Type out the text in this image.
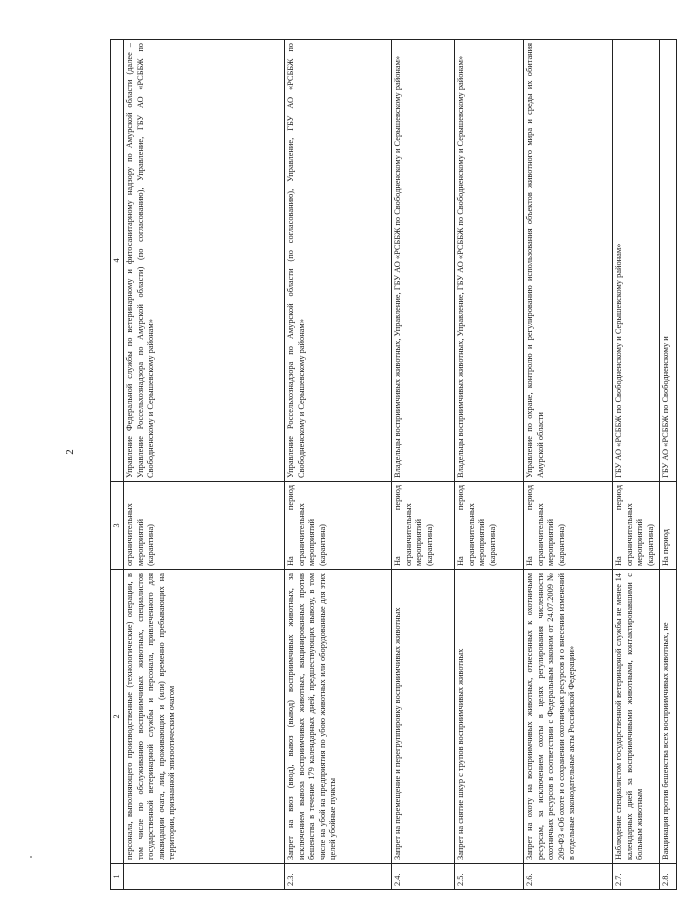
2
1
2
3
4
персонала, выполняющего производственные (технологические) операции, в том числе по обслуживанию восприимчивых животных, специалистов государственной ветеринарной службы и персонала, привлеченного для ликвидации очага, лиц, проживающих и (или) временно пребывающих на территории, признанной эпизоотическим очагом
ограничительных мероприятий (карантина)
Управление Федеральной службы по ветеринарному и фитосанитарному надзору по Амурской области (далее – Управление Россельхознадзора по Амурской области) (по согласованию), Управление, ГБУ АО «РСББЖ по Свободненскому и Серышевскому районам»
2.3.
Запрет на ввоз (ввод), вывоз (вывод) восприимчивых животных, за исключением вывоза восприимчивых животных, вакцинированных против бешенства в течение 179 календарных дней, предшествующих вывозу, в том числе на убой на предприятия по убою животных или оборудованные для этих целей убойные пункты
На период ограничительных мероприятий (карантина)
Управление Россельхознадзора по Амурской области (по согласованию), Управление, ГБУ АО «РСББЖ по Свободненскому и Серышевскому районам»
2.4.
Запрет на перемещение и перегруппировку восприимчивых животных
На период ограничительных мероприятий (карантина)
Владельцы восприимчивых животных, Управление, ГБУ АО «РСББЖ по Свободненскому и Серышевскому районам»
2.5.
Запрет на снятие шкур с трупов восприимчивых животных
На период ограничительных мероприятий (карантина)
Владельцы восприимчивых животных, Управление, ГБУ АО «РСББЖ по Свободненскому и Серышевскому районам»
2.6.
Запрет на охоту на восприимчивых животных, отнесенных к охотничьим ресурсам, за исключением охоты в целях регулирования численности охотничьих ресурсов в соответствии с Федеральным законом от 24.07.2009 № 209-ФЗ «Об охоте и о сохранении охотничьих ресурсов и о внесении изменений в отдельные законодательные акты Российской Федерации»
На период ограничительных мероприятий (карантина)
Управление по охране, контролю и регулированию использования объектов животного мира и среды их обитания Амурской области
2.7.
Наблюдение специалистом государственной ветеринарной службы не менее 14 календарных дней за восприимчивыми животными, контактировавшими с больным животным
На период ограничительных мероприятий (карантина)
ГБУ АО «РСББЖ по Свободненскому и Серышевскому районам»
2.8.
Вакцинация против бешенства всех восприимчивых животных, не
На период
ГБУ АО «РСББЖ по Свободненскому и
